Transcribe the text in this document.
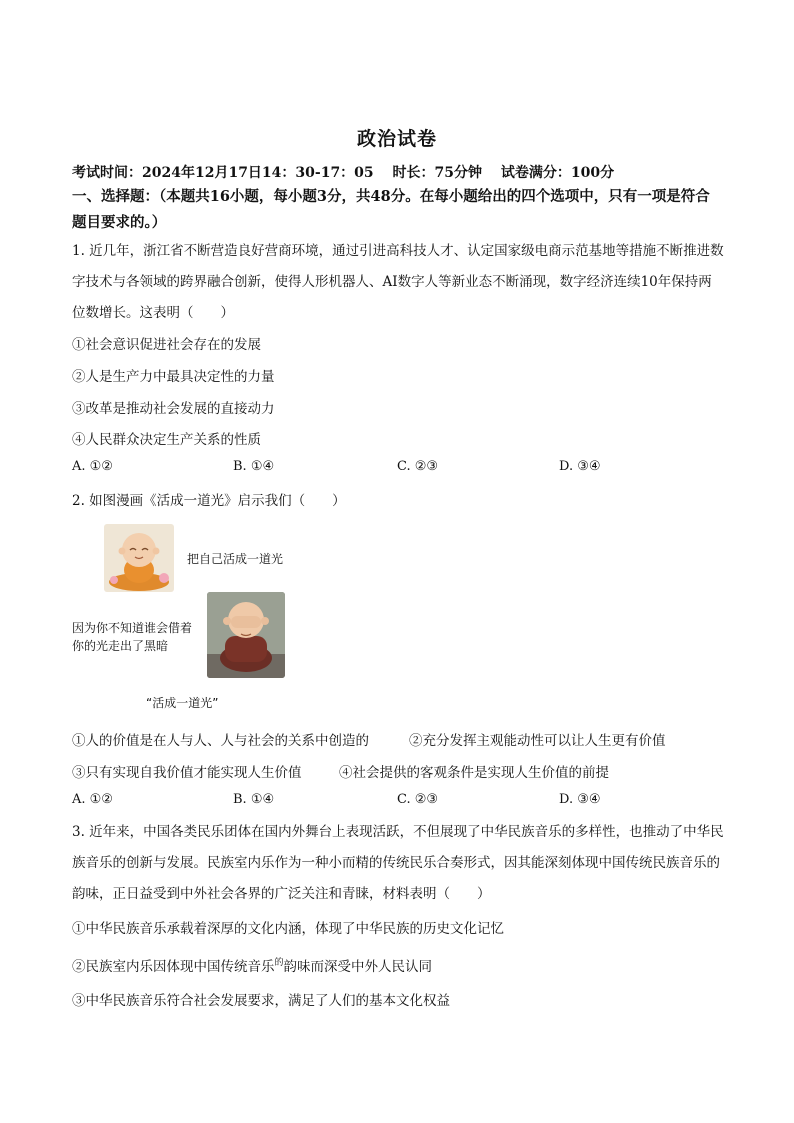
政治试卷
考试时间：2024年12月17日14：30-17：05 时长：75分钟 试卷满分：100分
一、选择题：（本题共16小题，每小题3分，共48分。在每小题给出的四个选项中，只有一项是符合题目要求的。）
1. 近几年，浙江省不断营造良好营商环境，通过引进高科技人才、认定国家级电商示范基地等措施不断推进数字技术与各领域的跨界融合创新，使得人形机器人、AI数字人等新业态不断涌现，数字经济连续10年保持两位数增长。这表明（　　）
①社会意识促进社会存在的发展
②人是生产力中最具决定性的力量
③改革是推动社会发展的直接动力
④人民群众决定生产关系的性质
A. ①②	B. ①④	C. ②③	D. ③④
2. 如图漫画《活成一道光》启示我们（　　）
把自己活成一道光
因为你不知道谁会借着你的光走出了黑暗
“活成一道光”
①人的价值是在人与人、人与社会的关系中创造的	②充分发挥主观能动性可以让人生更有价值
③只有实现自我价值才能实现人生价值	④社会提供的客观条件是实现人生价值的前提
A. ①②	B. ①④	C. ②③	D. ③④
3. 近年来，中国各类民乐团体在国内外舞台上表现活跃，不但展现了中华民族音乐的多样性，也推动了中华民族音乐的创新与发展。民族室内乐作为一种小而精的传统民乐合奏形式，因其能深刻体现中国传统民族音乐的韵味，正日益受到中外社会各界的广泛关注和青睐，材料表明（　　）
①中华民族音乐承载着深厚的文化内涵，体现了中华民族的历史文化记忆
②民族室内乐因体现中国传统音乐$^的$韵味而深受中外人民认同
③中华民族音乐符合社会发展要求，满足了人们的基本文化权益
